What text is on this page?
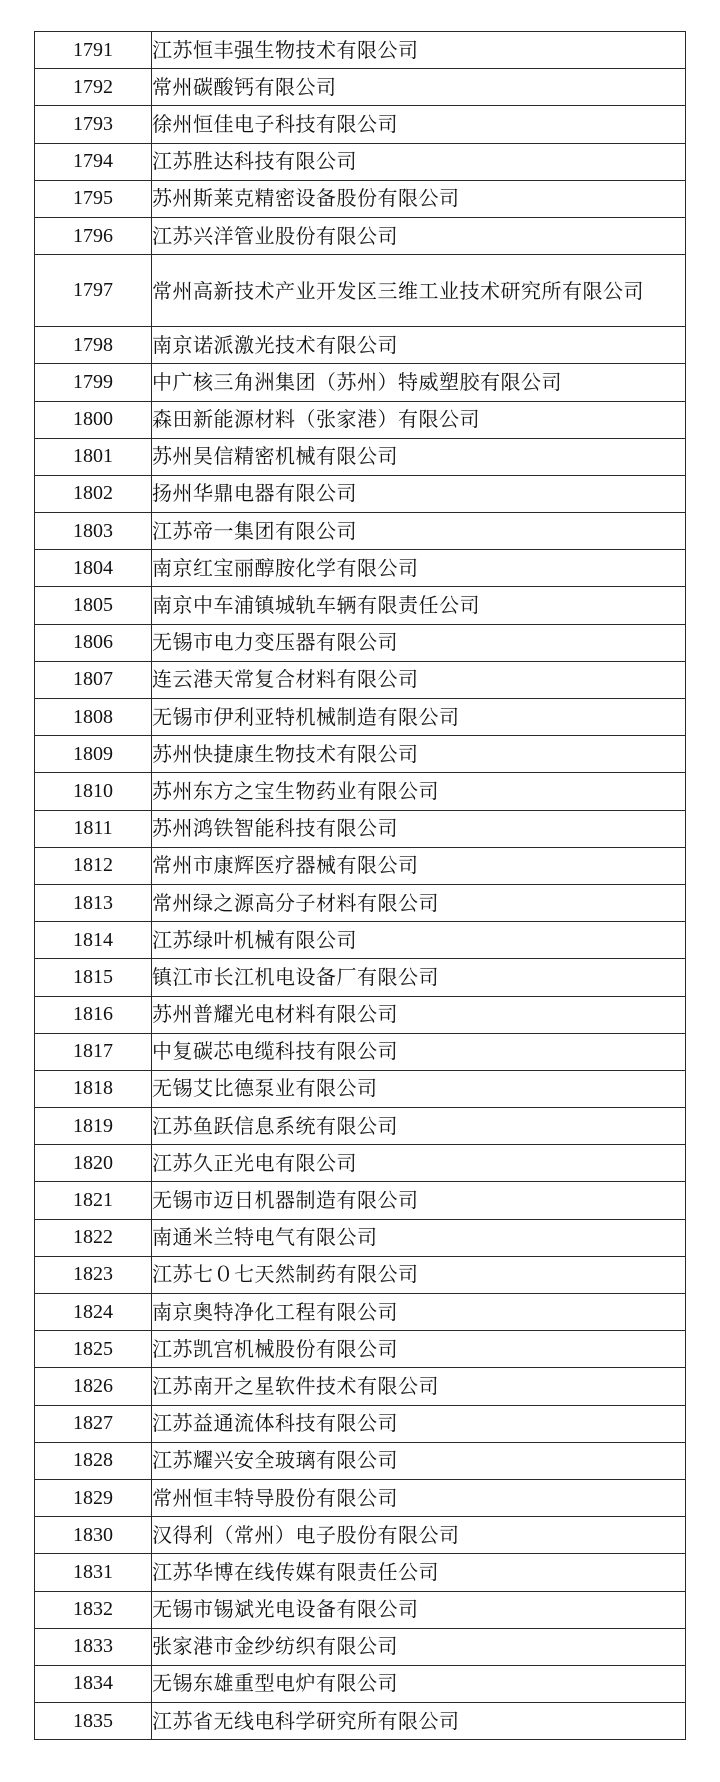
1791	江苏恒丰强生物技术有限公司
1792	常州碳酸钙有限公司
1793	徐州恒佳电子科技有限公司
1794	江苏胜达科技有限公司
1795	苏州斯莱克精密设备股份有限公司
1796	江苏兴洋管业股份有限公司
1797	常州高新技术产业开发区三维工业技术研究所有限公司
1798	南京诺派激光技术有限公司
1799	中广核三角洲集团（苏州）特威塑胶有限公司
1800	森田新能源材料（张家港）有限公司
1801	苏州昊信精密机械有限公司
1802	扬州华鼎电器有限公司
1803	江苏帝一集团有限公司
1804	南京红宝丽醇胺化学有限公司
1805	南京中车浦镇城轨车辆有限责任公司
1806	无锡市电力变压器有限公司
1807	连云港天常复合材料有限公司
1808	无锡市伊利亚特机械制造有限公司
1809	苏州快捷康生物技术有限公司
1810	苏州东方之宝生物药业有限公司
1811	苏州鸿铁智能科技有限公司
1812	常州市康辉医疗器械有限公司
1813	常州绿之源高分子材料有限公司
1814	江苏绿叶机械有限公司
1815	镇江市长江机电设备厂有限公司
1816	苏州普耀光电材料有限公司
1817	中复碳芯电缆科技有限公司
1818	无锡艾比德泵业有限公司
1819	江苏鱼跃信息系统有限公司
1820	江苏久正光电有限公司
1821	无锡市迈日机器制造有限公司
1822	南通米兰特电气有限公司
1823	江苏七０七天然制药有限公司
1824	南京奥特净化工程有限公司
1825	江苏凯宫机械股份有限公司
1826	江苏南开之星软件技术有限公司
1827	江苏益通流体科技有限公司
1828	江苏耀兴安全玻璃有限公司
1829	常州恒丰特导股份有限公司
1830	汉得利（常州）电子股份有限公司
1831	江苏华博在线传媒有限责任公司
1832	无锡市锡斌光电设备有限公司
1833	张家港市金纱纺织有限公司
1834	无锡东雄重型电炉有限公司
1835	江苏省无线电科学研究所有限公司
